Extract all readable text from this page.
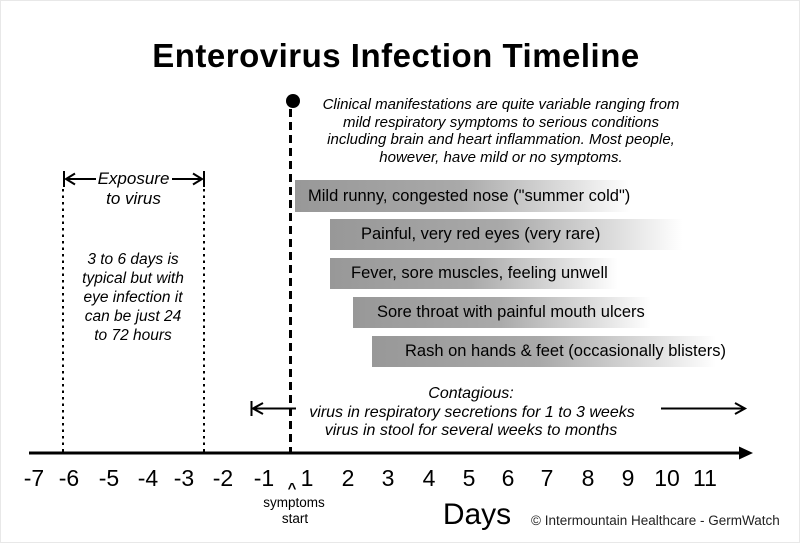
Enterovirus Infection Timeline
Clinical manifestations are quite variable ranging from
mild respiratory symptoms to serious conditions
including brain and heart inflammation. Most people,
however, have mild or no symptoms.
Exposure
to virus
3 to 6 days is
typical but with
eye infection it
can be just 24
to 72 hours
Mild runny, congested nose ("summer cold")
Painful, very red eyes (very rare)
Fever, sore muscles, feeling unwell
Sore throat with painful mouth ulcers
Rash on hands & feet (occasionally blisters)
Contagious:
virus in respiratory secretions for 1 to 3 weeks
virus in stool for several weeks to months
-7 -6 -5 -4 -3 -2 -1 1 2 3 4 5 6 7 8 9 10 11
^
symptoms
start	Days	© Intermountain Healthcare - GermWatch
